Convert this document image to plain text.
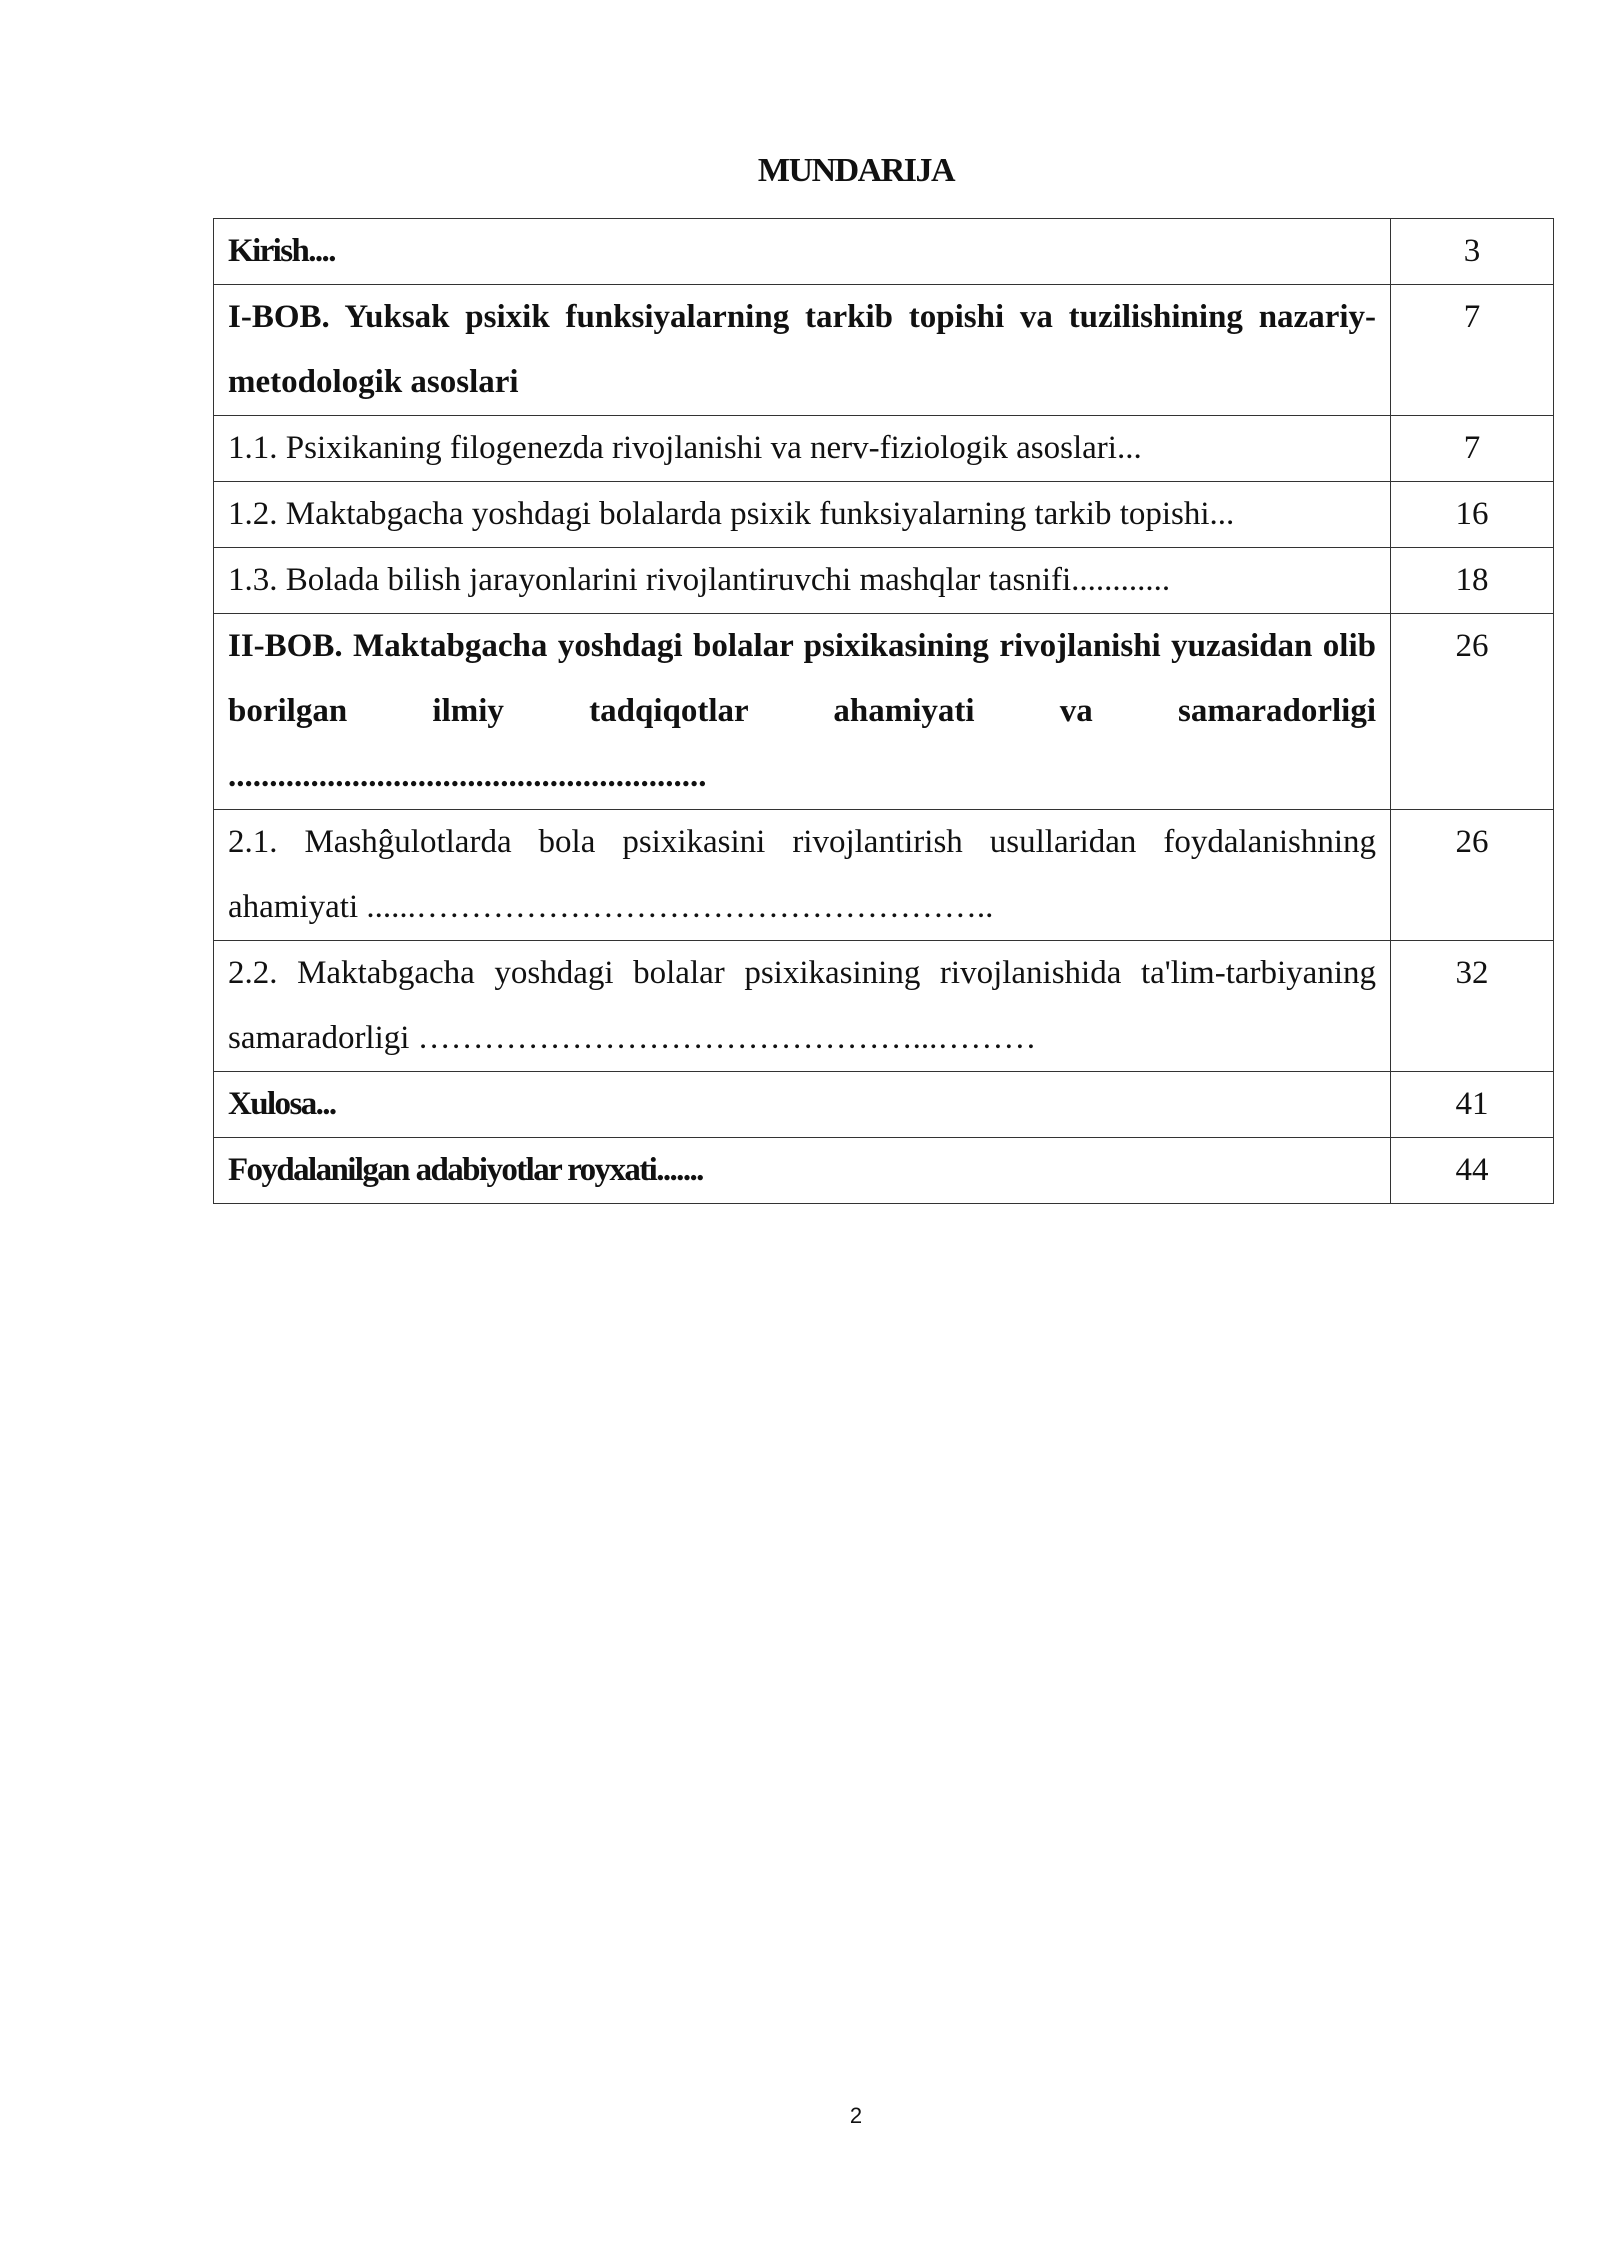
MUNDARIJA
Kirish....	3
I-BOB. Yuksak psixik funksiyalarning tarkib topishi va tuzilishining nazariy-metodologik asoslari	7
1.1. Psixikaning filogenezda rivojlanishi va nerv-fiziologik asoslari...	7
1.2. Maktabgacha yoshdagi bolalarda psixik funksiyalarning tarkib topishi...	16
1.3. Bolada bilish jarayonlarini rivojlantiruvchi mashqlar tasnifi............	18
II-BOB. Maktabgacha yoshdagi bolalar psixikasining rivojlanishi yuzasidan olib borilgan ilmiy tadqiqotlar ahamiyati va samaradorligi ..........................................................	26
2.1. Mashĝulotlarda bola psixikasini rivojlantirish usullaridan foydalanishning ahamiyati ......……………………………………………..	26
2.2. Maktabgacha yoshdagi bolalar psixikasining rivojlanishida ta'lim-tarbiyaning samaradorligi ………………………………………...………	32
Xulosa...	41
Foydalanilgan adabiyotlar royxati.......	44
2
